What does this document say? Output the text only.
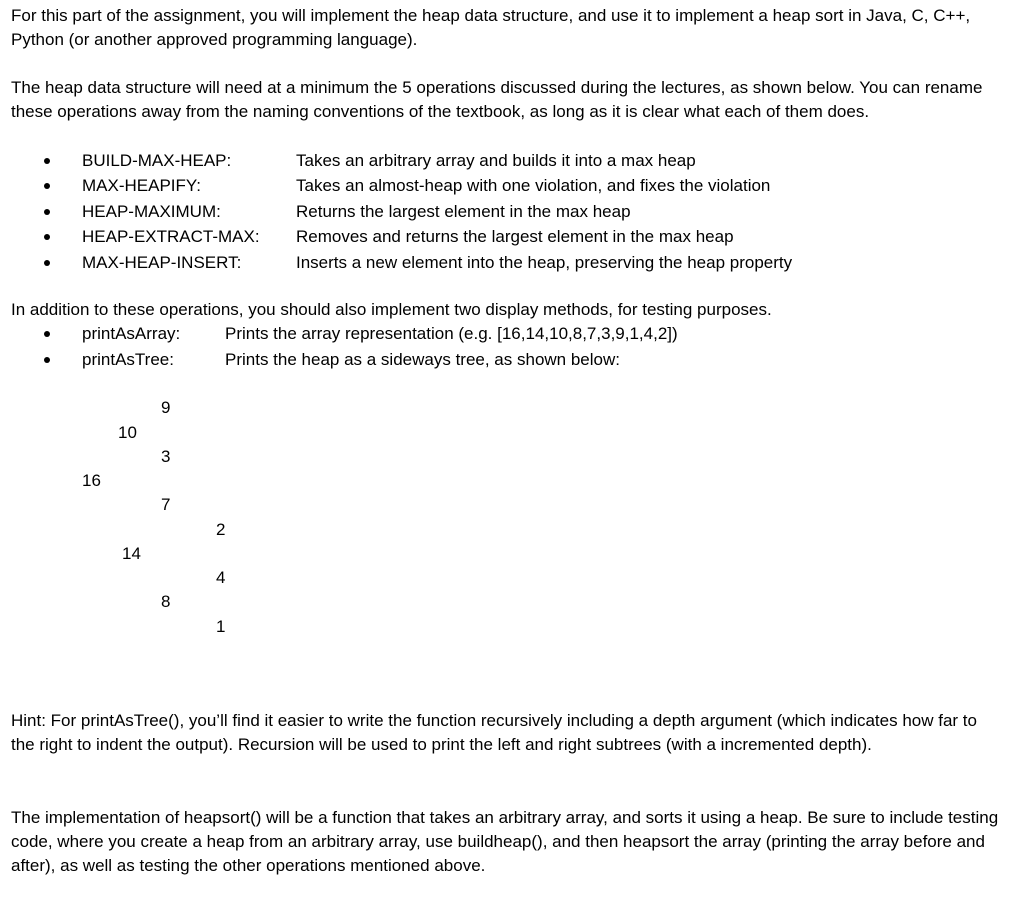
For this part of the assignment, you will implement the heap data structure, and use it to implement a heap sort in Java, C, C++, Python (or another approved programming language).

The heap data structure will need at a minimum the 5 operations discussed during the lectures, as shown below. You can rename these operations away from the naming conventions of the textbook, as long as it is clear what each of them does.

BUILD-MAX-HEAP:	Takes an arbitrary array and builds it into a max heap
MAX-HEAPIFY:	Takes an almost-heap with one violation, and fixes the violation
HEAP-MAXIMUM:	Returns the largest element in the max heap
HEAP-EXTRACT-MAX: Removes and returns the largest element in the max heap
MAX-HEAP-INSERT:	Inserts a new element into the heap, preserving the heap property

In addition to these operations, you should also implement two display methods, for testing purposes.

printAsArray:	Prints the array representation (e.g. [16,14,10,8,7,3,9,1,4,2])
printAsTree:	Prints the heap as a sideways tree, as shown below:
9
10
3
16
7
2
14
4
8
1

Hint: For printAsTree(), you’ll find it easier to write the function recursively including a depth argument (which indicates how far to the right to indent the output). Recursion will be used to print the left and right subtrees (with a incremented depth).

The implementation of heapsort() will be a function that takes an arbitrary array, and sorts it using a heap. Be sure to include testing code, where you create a heap from an arbitrary array, use buildheap(), and then heapsort the array (printing the array before and after), as well as testing the other operations mentioned above.
